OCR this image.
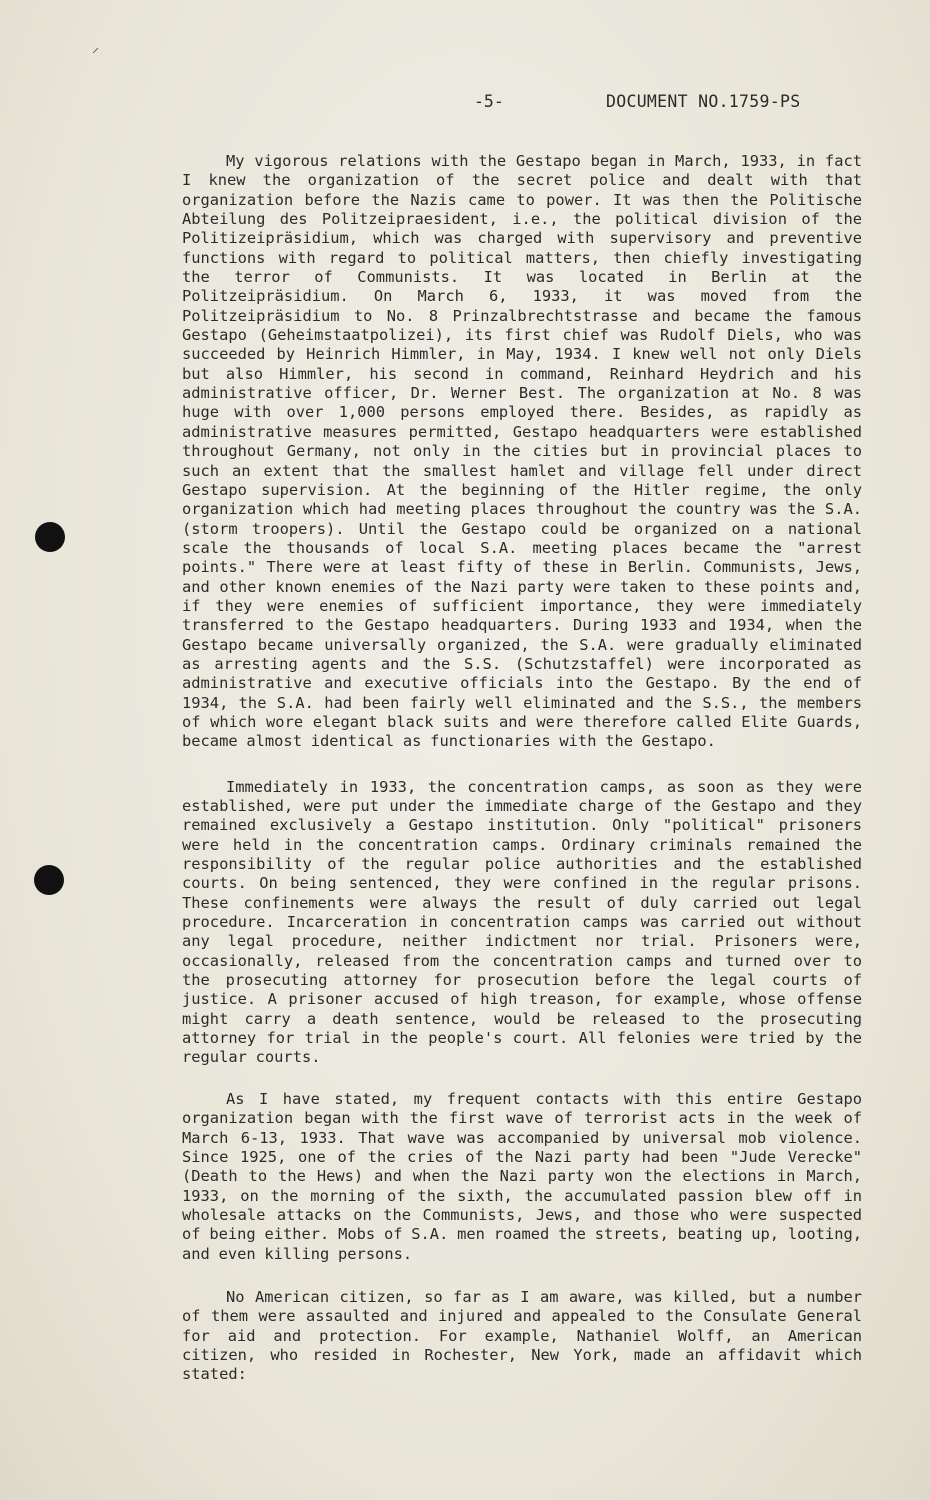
⸝
-5-	DOCUMENT NO.1759-PS

My vigorous relations with the Gestapo began in March, 1933, in fact I knew the organization of the secret police and dealt with that organization before the Nazis came to power. It was then the Politische Abteilung des Politzeipraesident, i.e., the political division of the Politizeipräsidium, which was charged with supervisory and preventive functions with regard to political matters, then chiefly investigating the terror of Communists. It was located in Berlin at the Politzeipräsidium. On March 6, 1933, it was moved from the Politzeipräsidium to No. 8 Prinzalbrechtstrasse and became the famous Gestapo (Geheimstaatpolizei), its first chief was Rudolf Diels, who was succeeded by Heinrich Himmler, in May, 1934. I knew well not only Diels but also Himmler, his second in command, Reinhard Heydrich and his administrative officer, Dr. Werner Best. The organization at No. 8 was huge with over 1,000 persons employed there. Besides, as rapidly as administrative measures permitted, Gestapo headquarters were established throughout Germany, not only in the cities but in provincial places to such an extent that the smallest hamlet and village fell under direct Gestapo supervision. At the beginning of the Hitler regime, the only organization which had meeting places throughout the country was the S.A. (storm troopers). Until the Gestapo could be organized on a national scale the thousands of local S.A. meeting places became the "arrest points." There were at least fifty of these in Berlin. Communists, Jews, and other known enemies of the Nazi party were taken to these points and, if they were enemies of sufficient importance, they were immediately transferred to the Gestapo headquarters. During 1933 and 1934, when the Gestapo became universally organized, the S.A. were gradually eliminated as arresting agents and the S.S. (Schutzstaffel) were incorporated as administrative and executive officials into the Gestapo. By the end of 1934, the S.A. had been fairly well eliminated and the S.S., the members of which wore elegant black suits and were therefore called Elite Guards, became almost identical as functionaries with the Gestapo.

Immediately in 1933, the concentration camps, as soon as they were established, were put under the immediate charge of the Gestapo and they remained exclusively a Gestapo institution. Only "political" prisoners were held in the concentration camps. Ordinary criminals remained the responsibility of the regular police authorities and the established courts. On being sentenced, they were confined in the regular prisons. These confinements were always the result of duly carried out legal procedure. Incarceration in concentration camps was carried out without any legal procedure, neither indictment nor trial. Prisoners were, occasionally, released from the concentration camps and turned over to the prosecuting attorney for prosecution before the legal courts of justice. A prisoner accused of high treason, for example, whose offense might carry a death sentence, would be released to the prosecuting attorney for trial in the people's court. All felonies were tried by the regular courts.

As I have stated, my frequent contacts with this entire Gestapo organization began with the first wave of terrorist acts in the week of March 6-13, 1933. That wave was accompanied by universal mob violence. Since 1925, one of the cries of the Nazi party had been "Jude Verecke" (Death to the Hews) and when the Nazi party won the elections in March, 1933, on the morning of the sixth, the accumulated passion blew off in wholesale attacks on the Communists, Jews, and those who were suspected of being either. Mobs of S.A. men roamed the streets, beating up, looting, and even killing persons.

No American citizen, so far as I am aware, was killed, but a number of them were assaulted and injured and appealed to the Consulate General for aid and protection. For example, Nathaniel Wolff, an American citizen, who resided in Rochester, New York, made an affidavit which stated:
